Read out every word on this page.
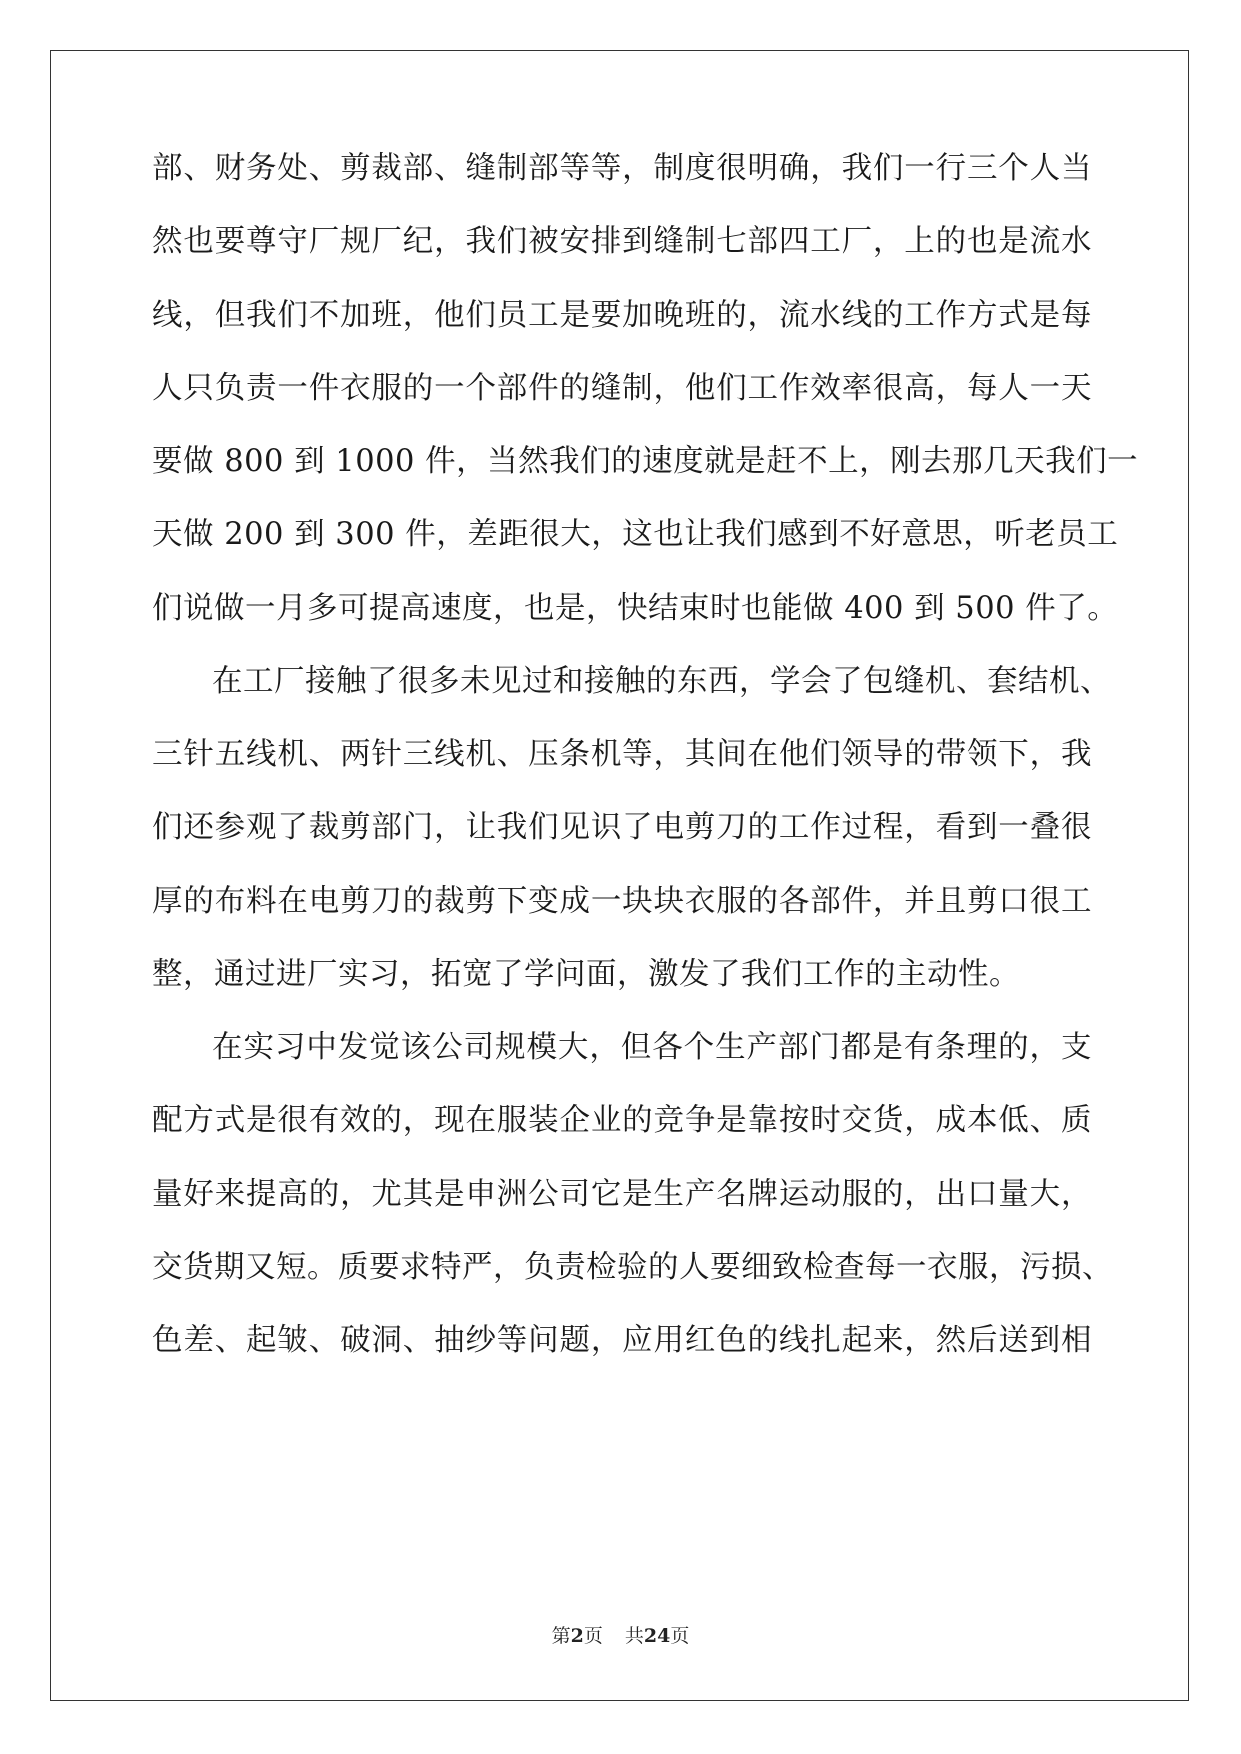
部、财务处、剪裁部、缝制部等等，制度很明确，我们一行三个人当
然也要尊守厂规厂纪，我们被安排到缝制七部四工厂，上的也是流水
线，但我们不加班，他们员工是要加晚班的，流水线的工作方式是每
人只负责一件衣服的一个部件的缝制，他们工作效率很高，每人一天
要做 800 到 1000 件，当然我们的速度就是赶不上，刚去那几天我们一
天做 200 到 300 件，差距很大，这也让我们感到不好意思，听老员工
们说做一月多可提高速度，也是，快结束时也能做 400 到 500 件了。
在工厂接触了很多未见过和接触的东西，学会了包缝机、套结机、
三针五线机、两针三线机、压条机等，其间在他们领导的带领下，我
们还参观了裁剪部门，让我们见识了电剪刀的工作过程，看到一叠很
厚的布料在电剪刀的裁剪下变成一块块衣服的各部件，并且剪口很工
整，通过进厂实习，拓宽了学问面，激发了我们工作的主动性。
在实习中发觉该公司规模大，但各个生产部门都是有条理的，支
配方式是很有效的，现在服装企业的竞争是靠按时交货，成本低、质
量好来提高的，尤其是申洲公司它是生产名牌运动服的，出口量大，
交货期又短。质要求特严，负责检验的人要细致检查每一衣服，污损、
色差、起皱、破洞、抽纱等问题，应用红色的线扎起来，然后送到相
第2页 共24页
